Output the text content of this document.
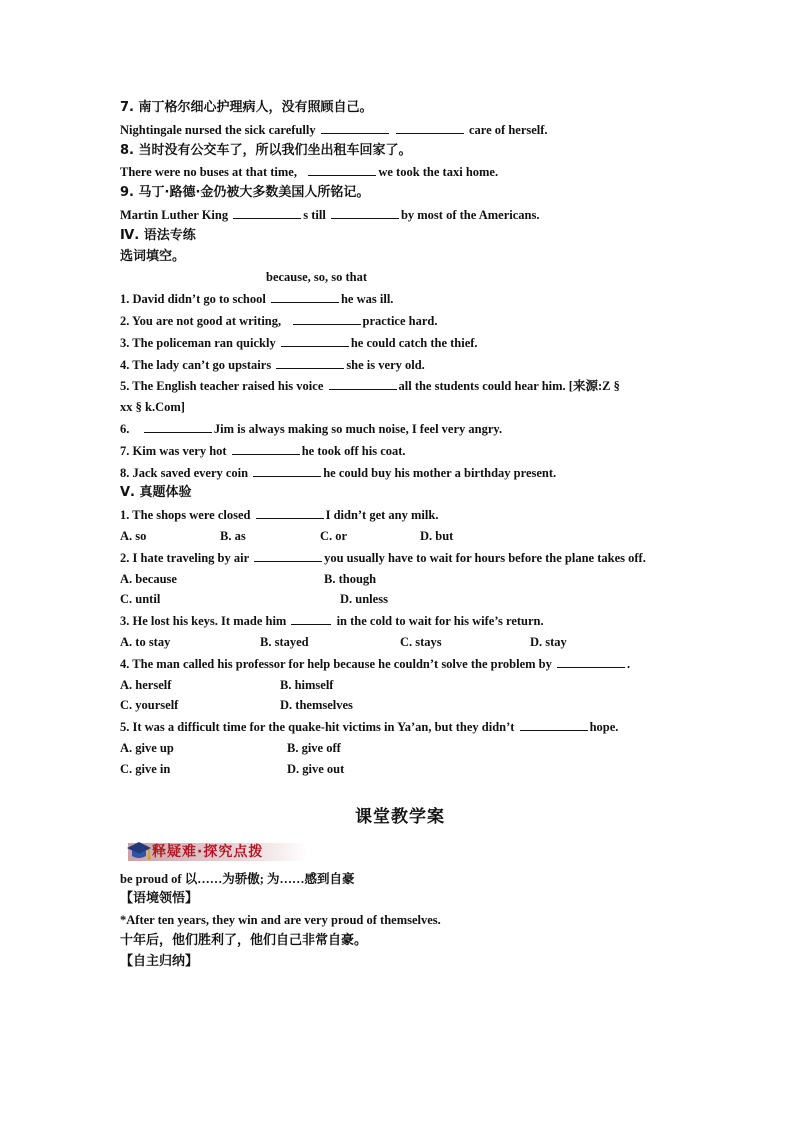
7. 南丁格尔细心护理病人，没有照顾自己。
Nightingale nursed the sick carefully	care of herself.
8. 当时没有公交车了，所以我们坐出租车回家了。
There were no buses at that time,	we took the taxi home.
9. 马丁·路德·金仍被大多数美国人所铭记。
Martin Luther King	s till	by most of the Americans.
Ⅳ. 语法专练
选词填空。
because, so, so that
1. David didn’t go to school	he was ill.
2. You are not good at writing,	practice hard.
3. The policeman ran quickly	he could catch the thief.
4. The lady can’t go upstairs	she is very old.
5. The English teacher raised his voice	all the students could hear him. [来源:Z §
xx § k.Com]
6.	Jim is always making so much noise, I feel very angry.
7. Kim was very hot	he took off his coat.
8. Jack saved every coin	he could buy his mother a birthday present.
Ⅴ. 真题体验
1. The shops were closed	I didn’t get any milk.
A. so	B. as	C. or	D. but
2. I hate traveling by air	you usually have to wait for hours before the plane takes off.
A. because	B. though
C. until	D. unless
3. He lost his keys. It made him	in the cold to wait for his wife’s return.
A. to stay	B. stayed	C. stays	D. stay
4. The man called his professor for help because he couldn’t solve the problem by	.
A. herself	B. himself
C. yourself	D. themselves
5. It was a difficult time for the quake-hit victims in Ya’an, but they didn’t	hope.
A. give up	B. give off
C. give in	D. give out
课堂教学案
释疑难·探究点拨
be proud of 以……为骄傲; 为……感到自豪
【语境领悟】
*After ten years, they win and are very proud of themselves.
十年后，他们胜利了，他们自己非常自豪。
【自主归纳】
